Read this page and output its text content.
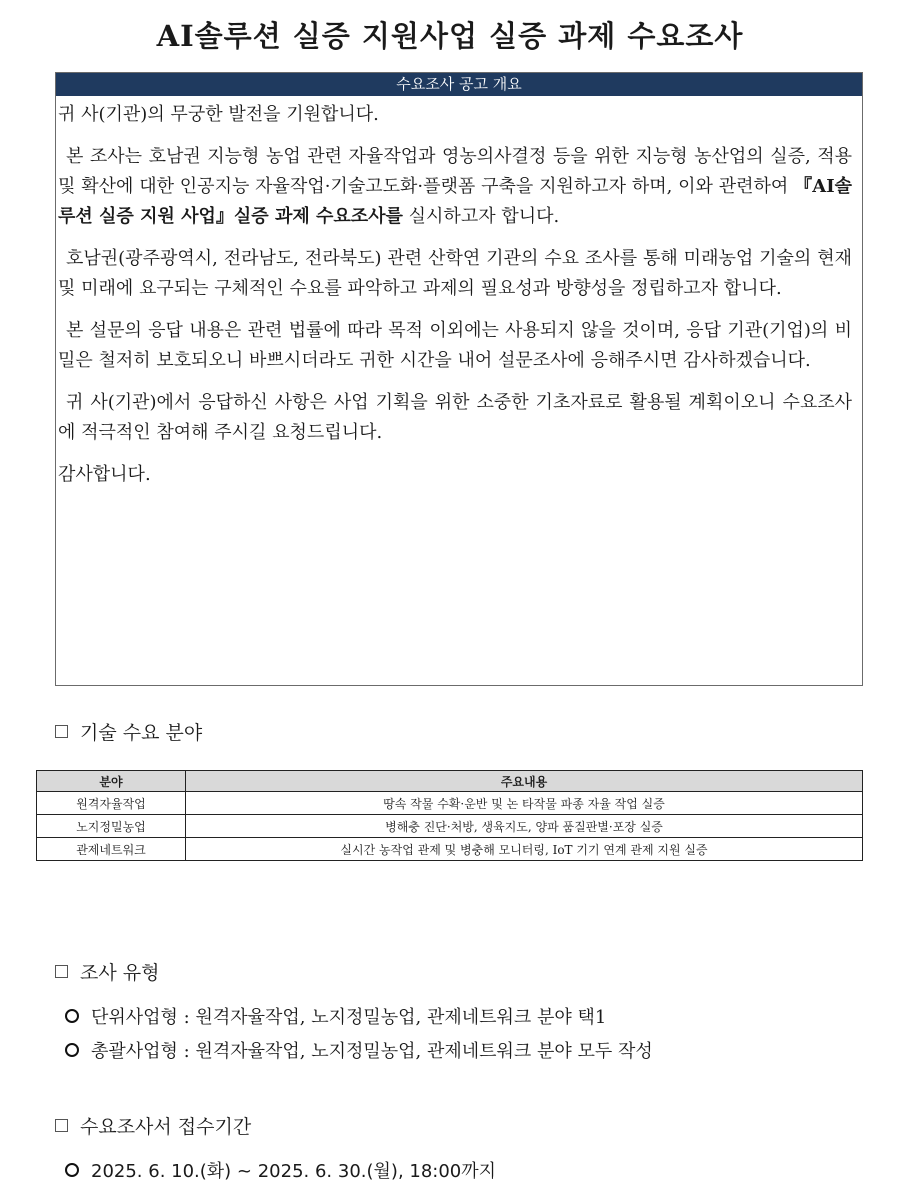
AI솔루션 실증 지원사업 실증 과제 수요조사
수요조사 공고 개요

귀 사(기관)의 무궁한 발전을 기원합니다.

본 조사는 호남권 지능형 농업 관련 자율작업과 영농의사결정 등을 위한 지능형 농산업의 실증, 적용 및 확산에 대한 인공지능 자율작업·기술고도화·플랫폼 구축을 지원하고자 하며, 이와 관련하여 『AI솔루션 실증 지원 사업』실증 과제 수요조사를 실시하고자 합니다.

호남권(광주광역시, 전라남도, 전라북도) 관련 산학연 기관의 수요 조사를 통해 미래농업 기술의 현재 및 미래에 요구되는 구체적인 수요를 파악하고 과제의 필요성과 방향성을 정립하고자 합니다.

본 설문의 응답 내용은 관련 법률에 따라 목적 이외에는 사용되지 않을 것이며, 응답 기관(기업)의 비밀은 철저히 보호되오니 바쁘시더라도 귀한 시간을 내어 설문조사에 응해주시면 감사하겠습니다.

귀 사(기관)에서 응답하신 사항은 사업 기획을 위한 소중한 기초자료로 활용될 계획이오니 수요조사에 적극적인 참여해 주시길 요청드립니다.

감사합니다.

기술 수요 분야
분야	주요내용
원격자율작업	땅속 작물 수확·운반 및 논 타작물 파종 자율 작업 실증
노지정밀농업	병해충 진단·처방, 생육지도, 양파 품질판별·포장 실증
관제네트워크	실시간 농작업 관제 및 병충해 모니터링, IoT 기기 연계 관제 지원 실증
조사 유형
단위사업형 : 원격자율작업, 노지정밀농업, 관제네트워크 분야 택1
총괄사업형 : 원격자율작업, 노지정밀농업, 관제네트워크 분야 모두 작성
수요조사서 접수기간
2025. 6. 10.(화) ~ 2025. 6. 30.(월), 18:00까지
